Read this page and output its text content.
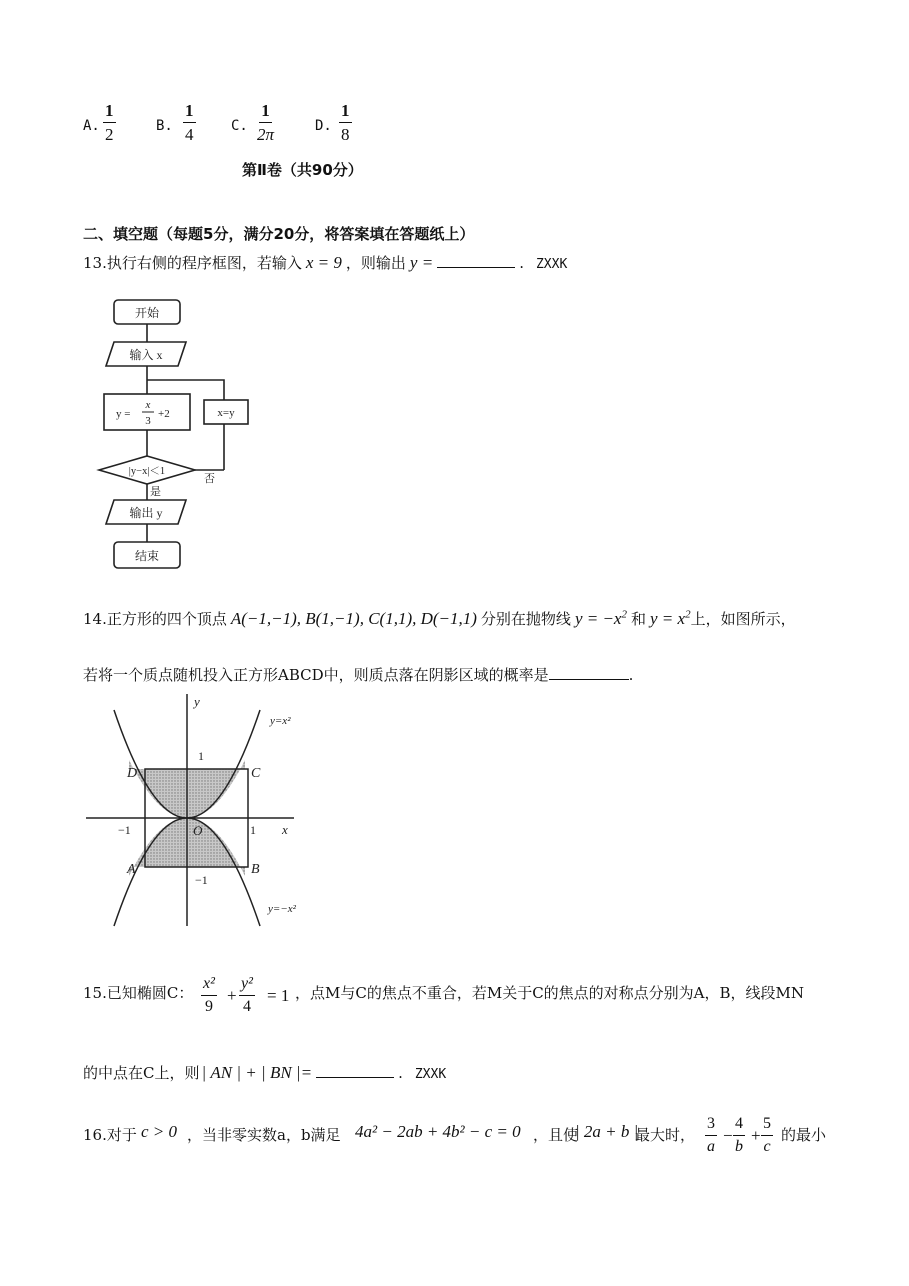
A. $\frac{1}{2}$	B. $\frac{1}{4}$	C. $\frac{1}{2\pi}$	D. $\frac{1}{8}$
第Ⅱ卷（共90分）
二、填空题（每题5分，满分20分，将答案填在答题纸上）
13.执行右侧的程序框图，若输入 x = 9 ，则输出 y =	. ZXXK
开始
输入 x
y =
x
3
+2	x=y
|y−x|＜1
否
是
输出 y
结束
14.正方形的四个顶点 A(−1,−1), B(1,−1), C(1,1), D(−1,1) 分别在抛物线 $y = -x^2$ 和 $y = x^2$上，如图所示，
若将一个质点随机投入正方形ABCD中，则质点落在阴影区域的概率是	.
y
x
O
1
−1
−1	1
A	B
C
D
y=x²
y=−x²
15.已知椭圆C： $\frac{\text{x²}}{9} + \frac{\text{y²}}{4} = 1$ ，点M与C的焦点不重合，若M关于C的焦点的对称点分别为A，B，线段MN
的中点在C上，则 | AN | + | BN |=	. ZXXK
16.对于 c > 0 ，当非零实数a，b满足 4a² − 2ab + 4b² − c = 0 ，且使
| 2a + b |
最大时， $\frac{3}{a} - \frac{4}{b} + \frac{5}{c}$ 的最小
